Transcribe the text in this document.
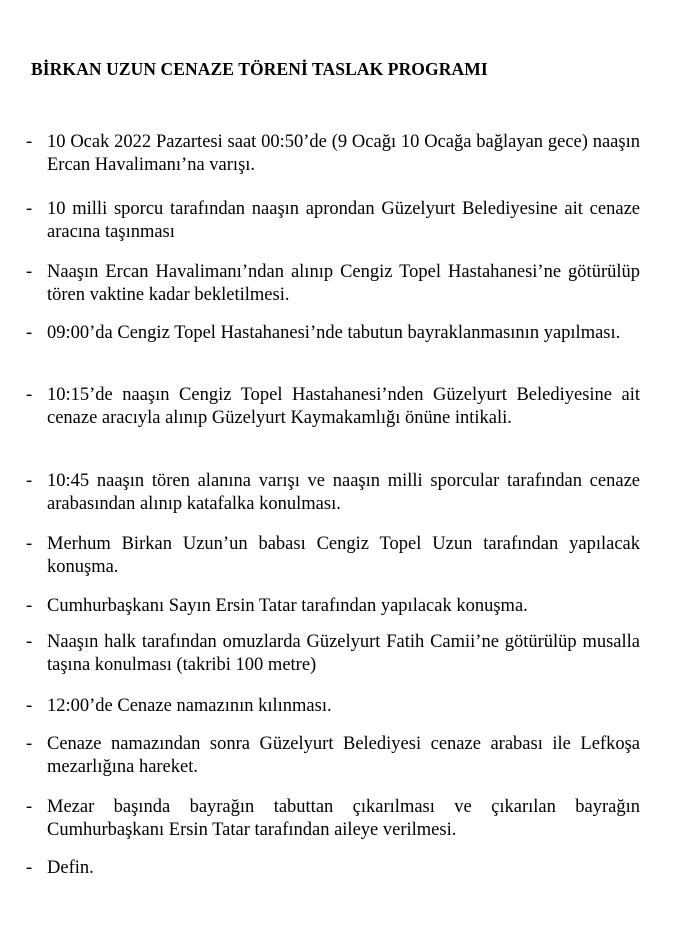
BİRKAN UZUN CENAZE TÖRENİ TASLAK PROGRAMI
- 10 Ocak 2022 Pazartesi saat 00:50’de (9 Ocağı 10 Ocağa bağlayan gece) naaşın Ercan Havalimanı’na varışı.
- 10 milli sporcu tarafından naaşın aprondan Güzelyurt Belediyesine ait cenaze aracına taşınması
- Naaşın Ercan Havalimanı’ndan alınıp Cengiz Topel Hastahanesi’ne götürülüp tören vaktine kadar bekletilmesi.
- 09:00’da Cengiz Topel Hastahanesi’nde tabutun bayraklanmasının yapılması.
- 10:15’de naaşın Cengiz Topel Hastahanesi’nden Güzelyurt Belediyesine ait cenaze aracıyla alınıp Güzelyurt Kaymakamlığı önüne intikali.
- 10:45 naaşın tören alanına varışı ve naaşın milli sporcular tarafından cenaze arabasından alınıp katafalka konulması.
- Merhum Birkan Uzun’un babası Cengiz Topel Uzun tarafından yapılacak konuşma.
- Cumhurbaşkanı Sayın Ersin Tatar tarafından yapılacak konuşma.
- Naaşın halk tarafından omuzlarda Güzelyurt Fatih Camii’ne götürülüp musalla taşına konulması (takribi 100 metre)
- 12:00’de Cenaze namazının kılınması.
- Cenaze namazından sonra Güzelyurt Belediyesi cenaze arabası ile Lefkoşa mezarlığına hareket.
- Mezar başında bayrağın tabuttan çıkarılması ve çıkarılan bayrağın Cumhurbaşkanı Ersin Tatar tarafından aileye verilmesi.
- Defin.
